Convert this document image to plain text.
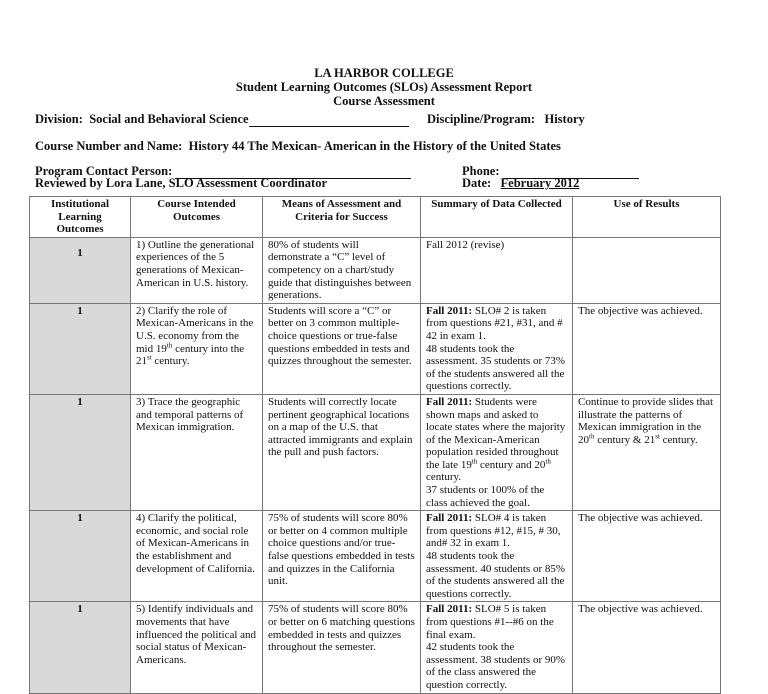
LA HARBOR COLLEGE
Student Learning Outcomes (SLOs) Assessment Report
Course Assessment
Division: Social and Behavioral Science	Discipline/Program: History
Course Number and Name: History 44 The Mexican- American in the History of the United States
Program Contact Person:	Phone:
Reviewed by Lora Lane, SLO Assessment Coordinator	Date: February 2012
Institutional Learning Outcomes	Course Intended Outcomes	Means of Assessment and Criteria for Success	Summary of Data Collected	Use of Results

1	1) Outline the generational experiences of the 5 generations of Mexican-American in U.S. history.	80% of students will demonstrate a “C” level of competency on a chart/study guide that distinguishes between generations.	Fall 2012 (revise)	
1	2) Clarify the role of Mexican-Americans in the U.S. economy from the mid 19th century into the 21st century.	Students will score a “C” or better on 3 common multiple-choice questions or true-false questions embedded in tests and quizzes throughout the semester.	Fall 2011: SLO# 2 is taken from questions #21, #31, and # 42 in exam 1.
48 students took the assessment. 35 students or 73% of the students answered all the questions correctly.	The objective was achieved.
1	3) Trace the geographic and temporal patterns of Mexican immigration.	Students will correctly locate pertinent geographical locations on a map of the U.S. that attracted immigrants and explain the pull and push factors.	Fall 2011: Students were shown maps and asked to locate states where the majority of the Mexican-American population resided throughout the late 19th century and 20th century.
37 students or 100% of the class achieved the goal.	Continue to provide slides that illustrate the patterns of Mexican immigration in the 20th century & 21st century.
1	4) Clarify the political, economic, and social role of Mexican-Americans in the establishment and development of California.	75% of students will score 80% or better on 4 common multiple choice questions and/or true-false questions embedded in tests and quizzes in the California unit.	Fall 2011: SLO# 4 is taken from questions #12, #15, # 30, and# 32 in exam 1.
48 students took the assessment. 40 students or 85% of the students answered all the questions correctly.	The objective was achieved.
1	5) Identify individuals and movements that have influenced the political and social status of Mexican-Americans.	75% of students will score 80% or better on 6 matching questions embedded in tests and quizzes throughout the semester.	Fall 2011: SLO# 5 is taken from questions #1--#6 on the final exam.
42 students took the assessment. 38 students or 90% of the class answered the question correctly.	The objective was achieved.
